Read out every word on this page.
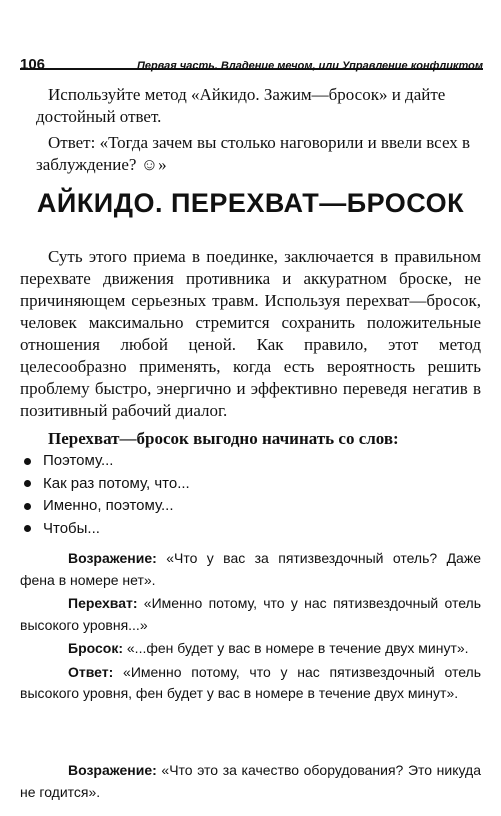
106	Первая часть. Владение мечом, или Управление конфликтом

Используйте метод «Айкидо. Зажим—бросок» и дайте достойный ответ.

Ответ: «Тогда зачем вы столько наговорили и ввели всех в заблуждение? ☺»

АЙКИДО. ПЕРЕХВАТ—БРОСОК

Суть этого приема в поединке, заключается в правильном перехвате движения противника и аккуратном броске, не причиняющем серьезных травм. Используя перехват—бросок, человек максимально стремится сохранить положительные отношения любой ценой. Как правило, этот метод целесообразно применять, когда есть вероятность решить проблему быстро, энергично и эффективно переведя негатив в позитивный рабочий диалог.

Перехват—бросок выгодно начинать со слов:
Поэтому...
Как раз потому, что...
Именно, поэтому...
Чтобы...

Возражение: «Что у вас за пятизвездочный отель? Даже фена в номере нет».

Перехват: «Именно потому, что у нас пятизвездочный отель высокого уровня...»

Бросок: «...фен будет у вас в номере в течение двух минут».

Ответ: «Именно потому, что у нас пятизвездочный отель высокого уровня, фен будет у вас в номере в течение двух минут».

Возражение: «Что это за качество оборудования? Это никуда не годится».
